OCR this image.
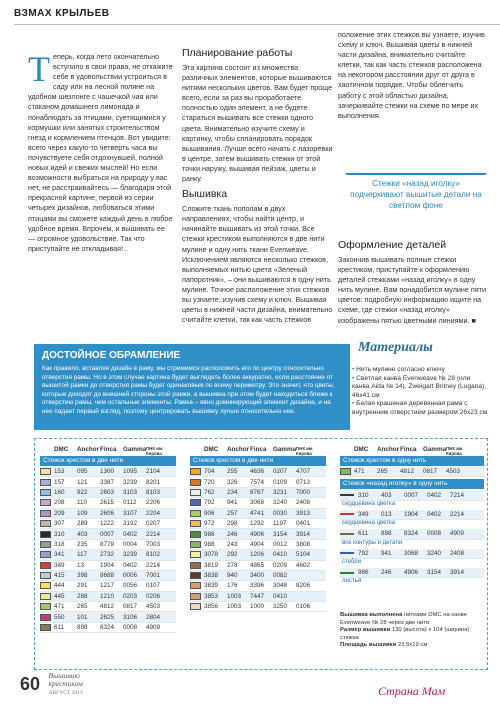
ВЗМАХ КРЫЛЬЕВ
Теперь, когда лето окончательно вступило в свои права, не откажите себе в удовольствии устроиться в саду или на лесной поляне на удобном шезлонге с чашечкой чая или стаканом домашнего лимонада и понаблюдать за птицами, суетящимися у кормушки или занятых строительством гнезд и кормлением птенцов. Вот увидите: всего через какую-то четверть часа вы почувствуете себя отдохнувшей, полной новых идей и свежих мыслей! Но если возможности выбраться на природу у вас нет, не расстраивайтесь — благодаря этой прекрасной картине, первой из серии четырех дизайнов, любоваться этими птицами вы сможете каждый день в любое удобное время. Впрочем, и вышивать ее — огромное удовольствие. Так что приступайте не откладывая!..
Планирование работы
Эта картина состоит из множества различных элементов, которые вышиваются нитями нескольких цветов. Вам будет проще всего, если за раз вы проработаете полностью один элемент, а не будете стараться вышивать все стежки одного цвета. Внимательно изучите схему и картинку, чтобы спланировать порядок вышивания. Лучше всего начать с лазоревки в центре, затем вышивать стежки от этой точки наружу, вышивая пейзаж, цветы и ранку.
Вышивка
Сложите ткань пополам в двух направлениях, чтобы найти центр, и начинайте вышивать из этой точки. Все стежки крестиком выполняются в две нити мулине и одну нить ткани Evenweave. Исключением являются несколько стежков, выполняемых нитью цвета «Зеленый папоротник», – они вышиваются в одну нить мулине. Точное расположение этих стежков вы узнаете, изучив схему и ключ. Вышивая цветы в нижней части дизайна, внимательно считайте клетки, так как часть стежков
положение этих стежков вы узнаете, изучив схему и ключ. Вышивая цветы в нижней части дизайна, внимательно считайте клетки, так как часть стежков расположена на некотором расстоянии друг от друга в хаотичном порядке. Чтобы облегчить работу с этой областью дизайна, зачеркивайте стежки на схеме по мере их выполнения.
Стежки «назад иголку» подчеркивают вышитые детали на светлом фоне
Оформление деталей
Закончив вышивать полные стежки крестиком, приступайте к оформлению деталей стежками «назад иголку» в одну нить мулине. Вам понадобится мулине пяти цветов: подробную информацию ищите на схеме, где стежки «назад иголку» изображены пятью цветными линиями. ■
ДОСТОЙНОЕ ОБРАМЛЕНИЕ
Как правило, вставляя дизайн в раму, мы стремимся расположить его по центру относительно отверстия рамы. Но в этом случае картина будет выглядеть более аккуратно, если расстояние от вышитой рамки до отверстия рамы будет одинаковым по всему периметру. Это значит, что цветы, которые доходят до внешней стороны этой рамки, а вышивка при этом будет находиться ближе к отверстию рамы, чем остальные элементы. Рамка – явно доминирующий элемент дизайна, и на нее падает первый взгляд, поэтому центрировать вышивку лучше относительно нее.
Материалы
• Нить мулине согласно ключу
• Светлая канва Evenweave № 28 (или канва Aida № 14), Zweigart Britney (Lugana), 46х41 см
• Белая крашеная деревянная рама с внутренним отверстием размером 26х23 см
DMC	Anchor Finca	Gamma ПНК им. Кирова
Стежок крестом в две нити
153	095	1300	1095	2104
157	121	3387	3239	8201
160	922	2603	3103	8103
208	110	2615	0112	2206
209	109	2606	3107	2204
307	289	1222	3192	0207
310	403	0007	0402	2214
318	235	8779	0004	7003
341	117	2732	3239	8102
349	13	1904	0402	2214
415	398	8688	0006	7001
444	291	1217	0056	0107
445	288	1210	0203	0206
471	265	4812	0817	4503
550	101	2625	3106	2804
611	898	8324	0008	4909
DMC	Anchor Finca	Gamma ПНК им. Кирова
Стежок крестом в две нити
704	255	4636	0207	4707
720	326	7574	0109	0713
762	234	8767	3231	7000
792	941	3068	3240	2408
906	257	4741	0030	3913
972	298	1292	1197	0401
986	246	4906	3154	3914
988	243	4904	0012	3808
3078	292	1206	0410	5104
3819	278	4865	0209	4602
3838	940	3400	0082
3839	176	3396	3048	8206
3853	1003	7447	0410
3856	1003	1000	3250	0106
DMC	Anchor Finca	Gamma ПНК им. Кирова
Стежок крестом в одну нить
471	265	4812	0817	4503
Стежок «назад иголку» в одну нить
310	403	0007	0402	7214
сердцевина цветка
349	013	1904	0402	2214
сердцевина цветка
611	898	8324	0008	4909
все контуры и детали
792	941	3068	3240	2408
стебли
986	246	4906	3154	3914
листья
Вышивка выполнена нитками DMC на канве Evenweave № 28 через две нити
Размер вышивки 130 (высота) х 104 (ширина) стежка
Площадь вышивки 23,5х19 см
60 Вышиваю
крестиком
АВГУСТ 2013	Страна Мам
